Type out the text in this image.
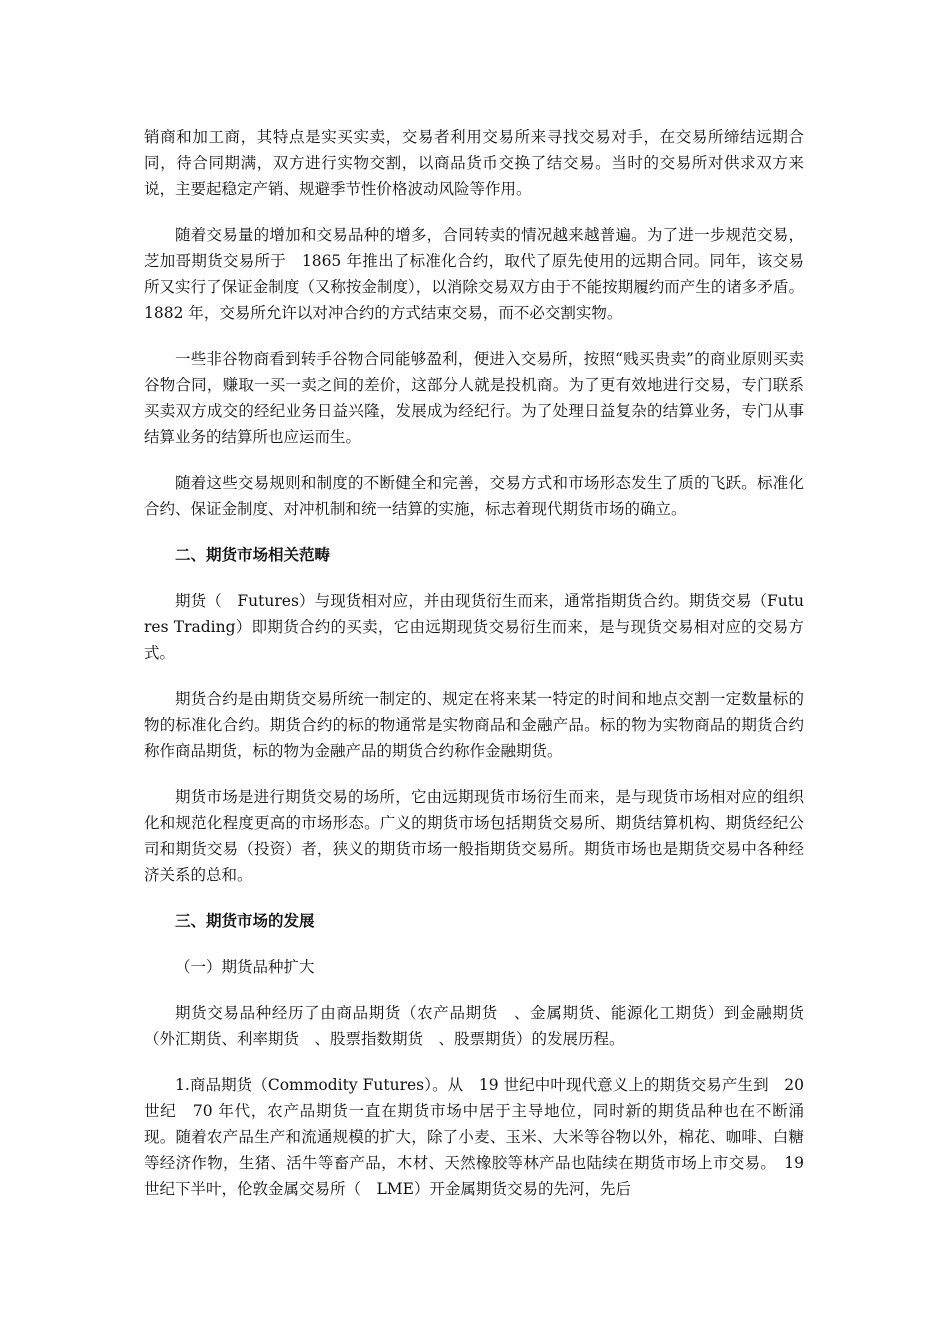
销商和加工商，其特点是实买实卖，交易者利用交易所来寻找交易对手，在交易所缔结远期合同，待合同期满，双方进行实物交割，以商品货币交换了结交易。当时的交易所对供求双方来说，主要起稳定产销、规避季节性价格波动风险等作用。

随着交易量的增加和交易品种的增多，合同转卖的情况越来越普遍。为了进一步规范交易，芝加哥期货交易所于　1865 年推出了标准化合约，取代了原先使用的远期合同。同年，该交易所又实行了保证金制度（又称按金制度），以消除交易双方由于不能按期履约而产生的诸多矛盾。1882 年，交易所允许以对冲合约的方式结束交易，而不必交割实物。

一些非谷物商看到转手谷物合同能够盈利，便进入交易所，按照“贱买贵卖”的商业原则买卖谷物合同，赚取一买一卖之间的差价，这部分人就是投机商。为了更有效地进行交易，专门联系买卖双方成交的经纪业务日益兴隆，发展成为经纪行。为了处理日益复杂的结算业务，专门从事结算业务的结算所也应运而生。

随着这些交易规则和制度的不断健全和完善，交易方式和市场形态发生了质的飞跃。标准化合约、保证金制度、对冲机制和统一结算的实施，标志着现代期货市场的确立。

二、期货市场相关范畴

期货（　Futures）与现货相对应，并由现货衍生而来，通常指期货合约。期货交易（Futures Trading）即期货合约的买卖，它由远期现货交易衍生而来，是与现货交易相对应的交易方式。

期货合约是由期货交易所统一制定的、规定在将来某一特定的时间和地点交割一定数量标的物的标准化合约。期货合约的标的物通常是实物商品和金融产品。标的物为实物商品的期货合约称作商品期货，标的物为金融产品的期货合约称作金融期货。

期货市场是进行期货交易的场所，它由远期现货市场衍生而来，是与现货市场相对应的组织化和规范化程度更高的市场形态。广义的期货市场包括期货交易所、期货结算机构、期货经纪公司和期货交易（投资）者，狭义的期货市场一般指期货交易所。期货市场也是期货交易中各种经济关系的总和。

三、期货市场的发展

（一）期货品种扩大

期货交易品种经历了由商品期货（农产品期货　、金属期货、能源化工期货）到金融期货（外汇期货、利率期货　、股票指数期货　、股票期货）的发展历程。

1.商品期货（Commodity Futures）。从　19 世纪中叶现代意义上的期货交易产生到　20 世纪　70 年代，农产品期货一直在期货市场中居于主导地位，同时新的期货品种也在不断涌现。随着农产品生产和流通规模的扩大，除了小麦、玉米、大米等谷物以外，棉花、咖啡、白糖等经济作物，生猪、活牛等畜产品，木材、天然橡胶等林产品也陆续在期货市场上市交易。　19 世纪下半叶，伦敦金属交易所（　LME）开金属期货交易的先河，先后
